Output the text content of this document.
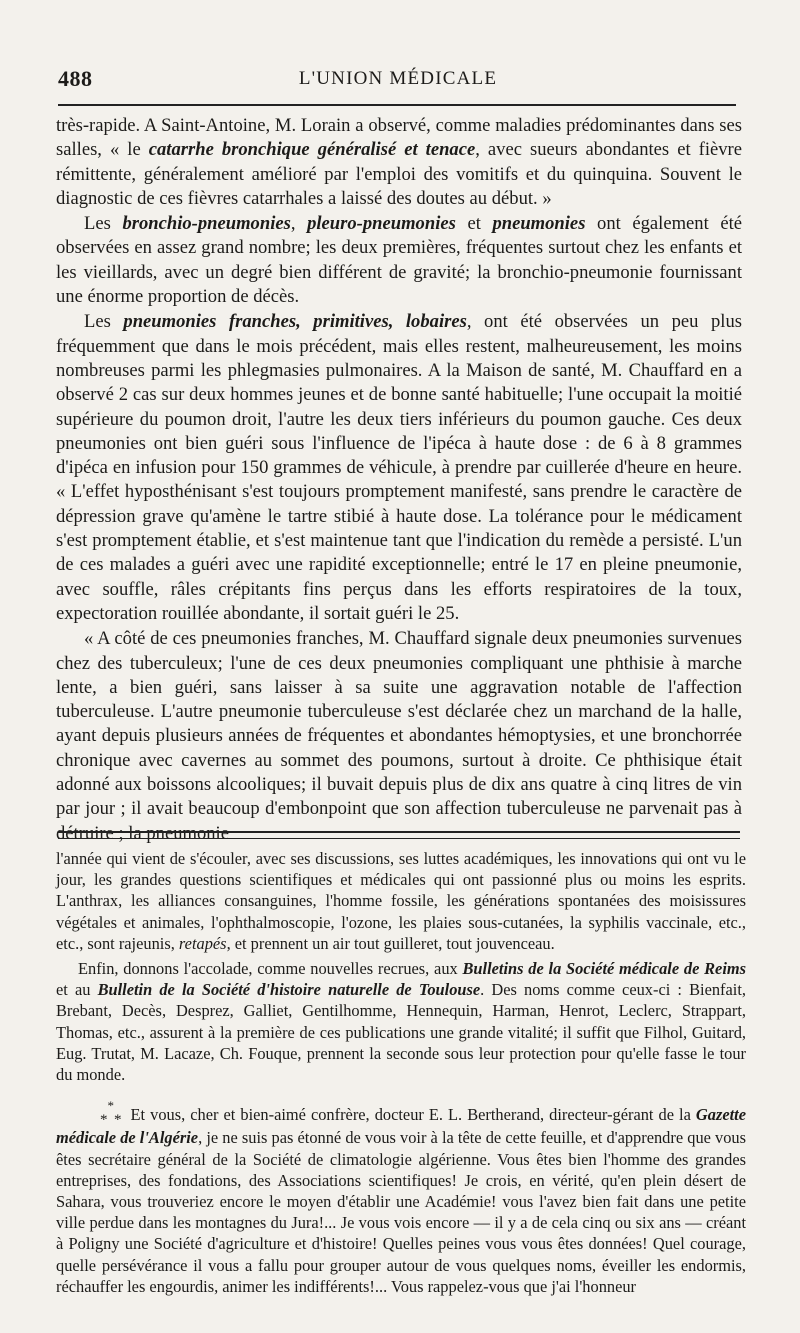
488	L'UNION MÉDICALE

très-rapide. A Saint-Antoine, M. Lorain a observé, comme maladies prédominantes dans ses salles, « le catarrhe bronchique généralisé et tenace, avec sueurs abondantes et fièvre rémittente, généralement amélioré par l'emploi des vomitifs et du quinquina. Souvent le diagnostic de ces fièvres catarrhales a laissé des doutes au début. »

Les bronchio-pneumonies, pleuro-pneumonies et pneumonies ont également été observées en assez grand nombre; les deux premières, fréquentes surtout chez les enfants et les vieillards, avec un degré bien différent de gravité; la bronchio-pneumonie fournissant une énorme proportion de décès.

Les pneumonies franches, primitives, lobaires, ont été observées un peu plus fréquemment que dans le mois précédent, mais elles restent, malheureusement, les moins nombreuses parmi les phlegmasies pulmonaires. A la Maison de santé, M. Chauffard en a observé 2 cas sur deux hommes jeunes et de bonne santé habituelle; l'une occupait la moitié supérieure du poumon droit, l'autre les deux tiers inférieurs du poumon gauche. Ces deux pneumonies ont bien guéri sous l'influence de l'ipéca à haute dose : de 6 à 8 grammes d'ipéca en infusion pour 150 grammes de véhicule, à prendre par cuillerée d'heure en heure. « L'effet hyposthénisant s'est toujours promptement manifesté, sans prendre le caractère de dépression grave qu'amène le tartre stibié à haute dose. La tolérance pour le médicament s'est promptement établie, et s'est maintenue tant que l'indication du remède a persisté. L'un de ces malades a guéri avec une rapidité exceptionnelle; entré le 17 en pleine pneumonie, avec souffle, râles crépitants fins perçus dans les efforts respiratoires de la toux, expectoration rouillée abondante, il sortait guéri le 25.

« A côté de ces pneumonies franches, M. Chauffard signale deux pneumonies survenues chez des tuberculeux; l'une de ces deux pneumonies compliquant une phthisie à marche lente, a bien guéri, sans laisser à sa suite une aggravation notable de l'affection tuberculeuse. L'autre pneumonie tuberculeuse s'est déclarée chez un marchand de la halle, ayant depuis plusieurs années de fréquentes et abondantes hémoptysies, et une bronchorrée chronique avec cavernes au sommet des poumons, surtout à droite. Ce phthisique était adonné aux boissons alcooliques; il buvait depuis plus de dix ans quatre à cinq litres de vin par jour ; il avait beaucoup d'embonpoint que son affection tuberculeuse ne parvenait pas à détruire ; la pneumonie

l'année qui vient de s'écouler, avec ses discussions, ses luttes académiques, les innovations qui ont vu le jour, les grandes questions scientifiques et médicales qui ont passionné plus ou moins les esprits. L'anthrax, les alliances consanguines, l'homme fossile, les générations spontanées des moisissures végétales et animales, l'ophthalmoscopie, l'ozone, les plaies sous-cutanées, la syphilis vaccinale, etc., etc., sont rajeunis, retapés, et prennent un air tout guilleret, tout jouvenceau.

Enfin, donnons l'accolade, comme nouvelles recrues, aux Bulletins de la Société médicale de Reims et au Bulletin de la Société d'histoire naturelle de Toulouse. Des noms comme ceux-ci : Bienfait, Brebant, Decès, Desprez, Galliet, Gentilhomme, Hennequin, Harman, Henrot, Leclerc, Strappart, Thomas, etc., assurent à la première de ces publications une grande vitalité; il suffit que Filhol, Guitard, Eug. Trutat, M. Lacaze, Ch. Fouque, prennent la seconde sous leur protection pour qu'elle fasse le tour du monde.

*** Et vous, cher et bien-aimé confrère, docteur E. L. Bertherand, directeur-gérant de la Gazette médicale de l'Algérie, je ne suis pas étonné de vous voir à la tête de cette feuille, et d'apprendre que vous êtes secrétaire général de la Société de climatologie algérienne. Vous êtes bien l'homme des grandes entreprises, des fondations, des Associations scientifiques! Je crois, en vérité, qu'en plein désert de Sahara, vous trouveriez encore le moyen d'établir une Académie! vous l'avez bien fait dans une petite ville perdue dans les montagnes du Jura!... Je vous vois encore — il y a de cela cinq ou six ans — créant à Poligny une Société d'agriculture et d'histoire! Quelles peines vous vous êtes données! Quel courage, quelle persévérance il vous a fallu pour grouper autour de vous quelques noms, éveiller les endormis, réchauffer les engourdis, animer les indifférents!... Vous rappelez-vous que j'ai l'honneur
